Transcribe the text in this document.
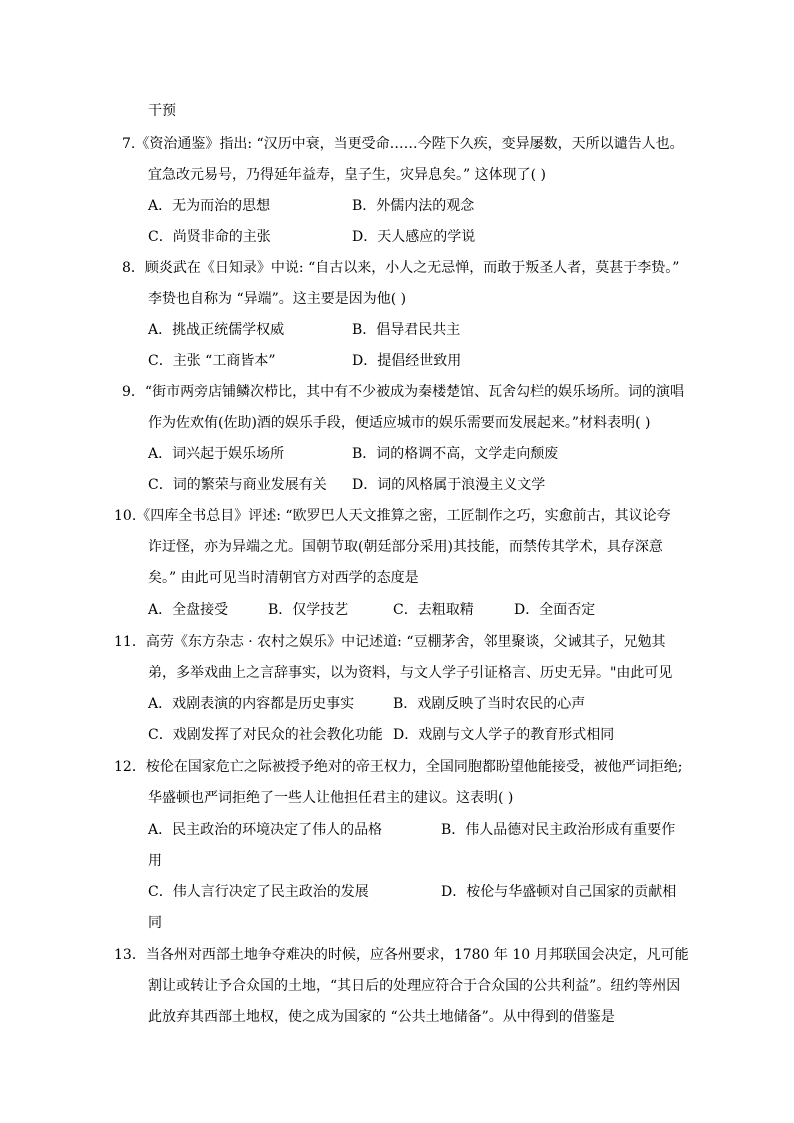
干预
7.《资治通鉴》指出: “汉历中衰，当更受命……今陛下久疾，变异屡数，天所以谴告人也。
宜急改元易号，乃得延年益寿，皇子生，灾异息矣。” 这体现了( )
A．无为而治的思想	B．外儒内法的观念
C．尚贤非命的主张	D．天人感应的学说
8．顾炎武在《日知录》中说: “自古以来，小人之无忌惮，而敢于叛圣人者，莫甚于李贽。”
李贽也自称为 “异端”。这主要是因为他( )
A．挑战正统儒学权威	B．倡导君民共主
C．主张 “工商皆本”	D．提倡经世致用
9．“街市两旁店铺鳞次栉比，其中有不少被成为秦楼楚馆、瓦舍勾栏的娱乐场所。词的演唱
作为佐欢侑(佐助)酒的娱乐手段，便适应城市的娱乐需要而发展起来。”材料表明( )
A．词兴起于娱乐场所	B．词的格调不高，文学走向颓废
C．词的繁荣与商业发展有关 D．词的风格属于浪漫主义文学
10.《四库全书总目》评述: “欧罗巴人天文推算之密，工匠制作之巧，实愈前古，其议论夸
诈迂怪，亦为异端之尤。国朝节取(朝廷部分采用)其技能，而禁传其学术，具存深意
矣。” 由此可见当时清朝官方对西学的态度是
A．全盘接受	B．仅学技艺	C．去粗取精	D．全面否定
11．高劳《东方杂志 · 农村之娱乐》中记述道: “豆棚茅舍，邻里聚谈，父诫其子，兄勉其
弟，多举戏曲上之言辞事实，以为资料，与文人学子引证格言、历史无异。"由此可见
A．戏剧表演的内容都是历史事实	B．戏剧反映了当时农民的心声
C．戏剧发挥了对民众的社会教化功能 D．戏剧与文人学子的教育形式相同
12．桉伦在国家危亡之际被授予绝对的帝王权力，全国同胞都盼望他能接受，被他严词拒绝;
华盛顿也严词拒绝了一些人让他担任君主的建议。这表明( )
A．民主政治的环境决定了伟人的品格	B．伟人品德对民主政治形成有重要作
用
C．伟人言行决定了民主政治的发展	D．桉伦与华盛顿对自己国家的贡献相
同
13．当各州对西部土地争夺难决的时候，应各州要求，1780 年 10 月邦联国会决定，凡可能
割让或转让予合众国的土地，“其日后的处理应符合于合众国的公共利益”。纽约等州因
此放弃其西部土地权，使之成为国家的 “公共土地储备”。从中得到的借鉴是
